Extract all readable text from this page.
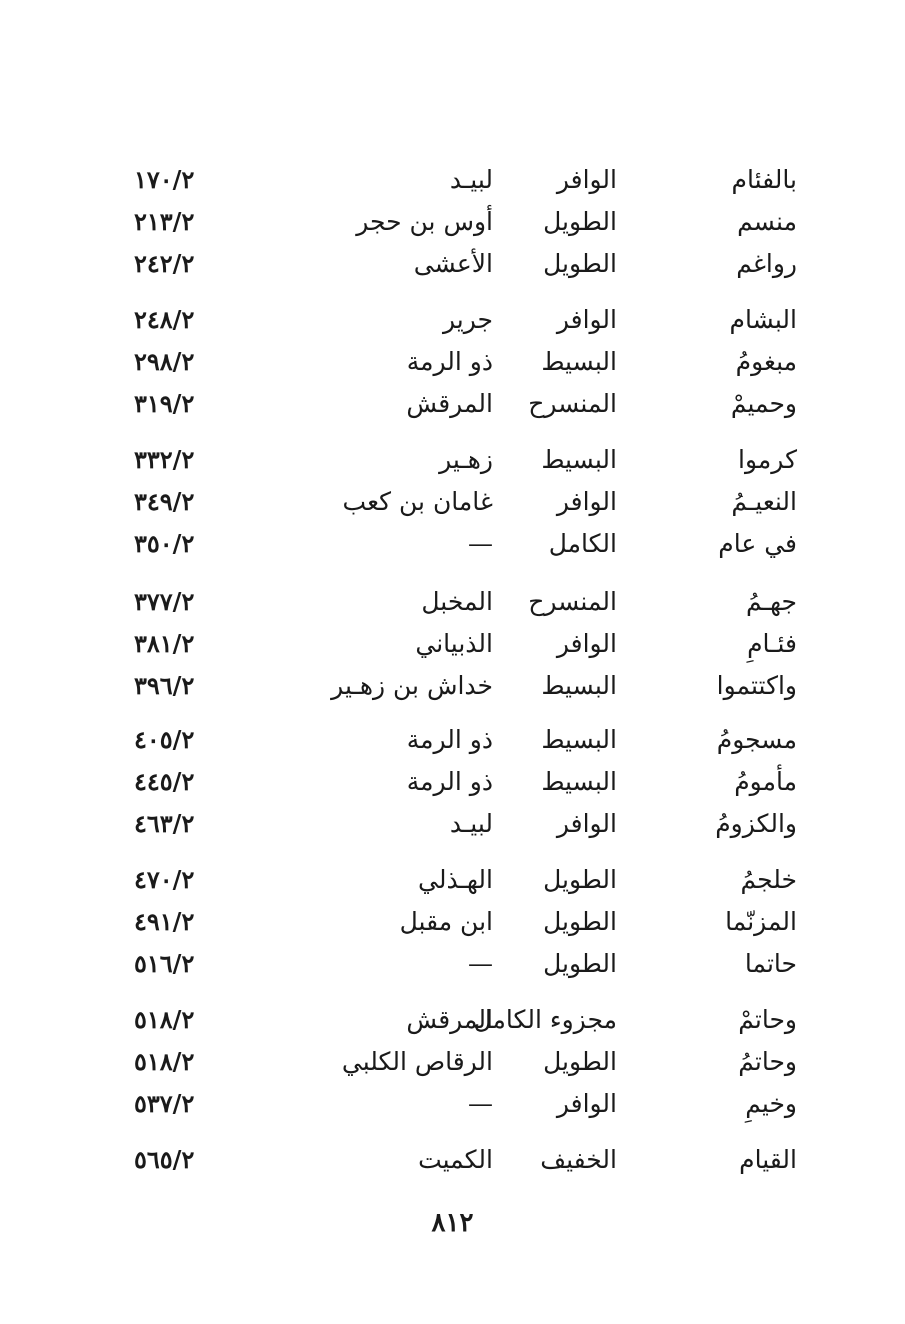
بالفئام
الوافر
لبيـد
١٧٠/٢
منسم
الطويل
أوس بن حجر
٢١٣/٢
رواغم
الطويل
الأعشى
٢٤٢/٢
البشام
الوافر
جرير
٢٤٨/٢
مبغومُ
البسيط
ذو الرمة
٢٩٨/٢
وحميمْ
المنسرح
المرقش
٣١٩/٢
كرموا
البسيط
زهـير
٣٣٢/٢
النعيـمُ
الوافر
غامان بن كعب
٣٤٩/٢
في عام
الكامل
—
٣٥٠/٢
جهـمُ
المنسرح
المخبل
٣٧٧/٢
فئـامِ
الوافر
الذبياني
٣٨١/٢
واكتتموا
البسيط
خداش بن زهـير
٣٩٦/٢
مسجومُ
البسيط
ذو الرمة
٤٠٥/٢
مأمومُ
البسيط
ذو الرمة
٤٤٥/٢
والكزومُ
الوافر
لبيـد
٤٦٣/٢
خلجمُ
الطويل
الهـذلي
٤٧٠/٢
المزنّما
الطويل
ابن مقبل
٤٩١/٢
حاتما
الطويل
—
٥١٦/٢
وحاتمْ
مجزوء الكامل
المرقش
٥١٨/٢
وحاتمُ
الطويل
الرقاص الكلبي
٥١٨/٢
وخيمِ
الوافر
—
٥٣٧/٢
القيام
الخفيف
الكميت
٥٦٥/٢
٨١٢
